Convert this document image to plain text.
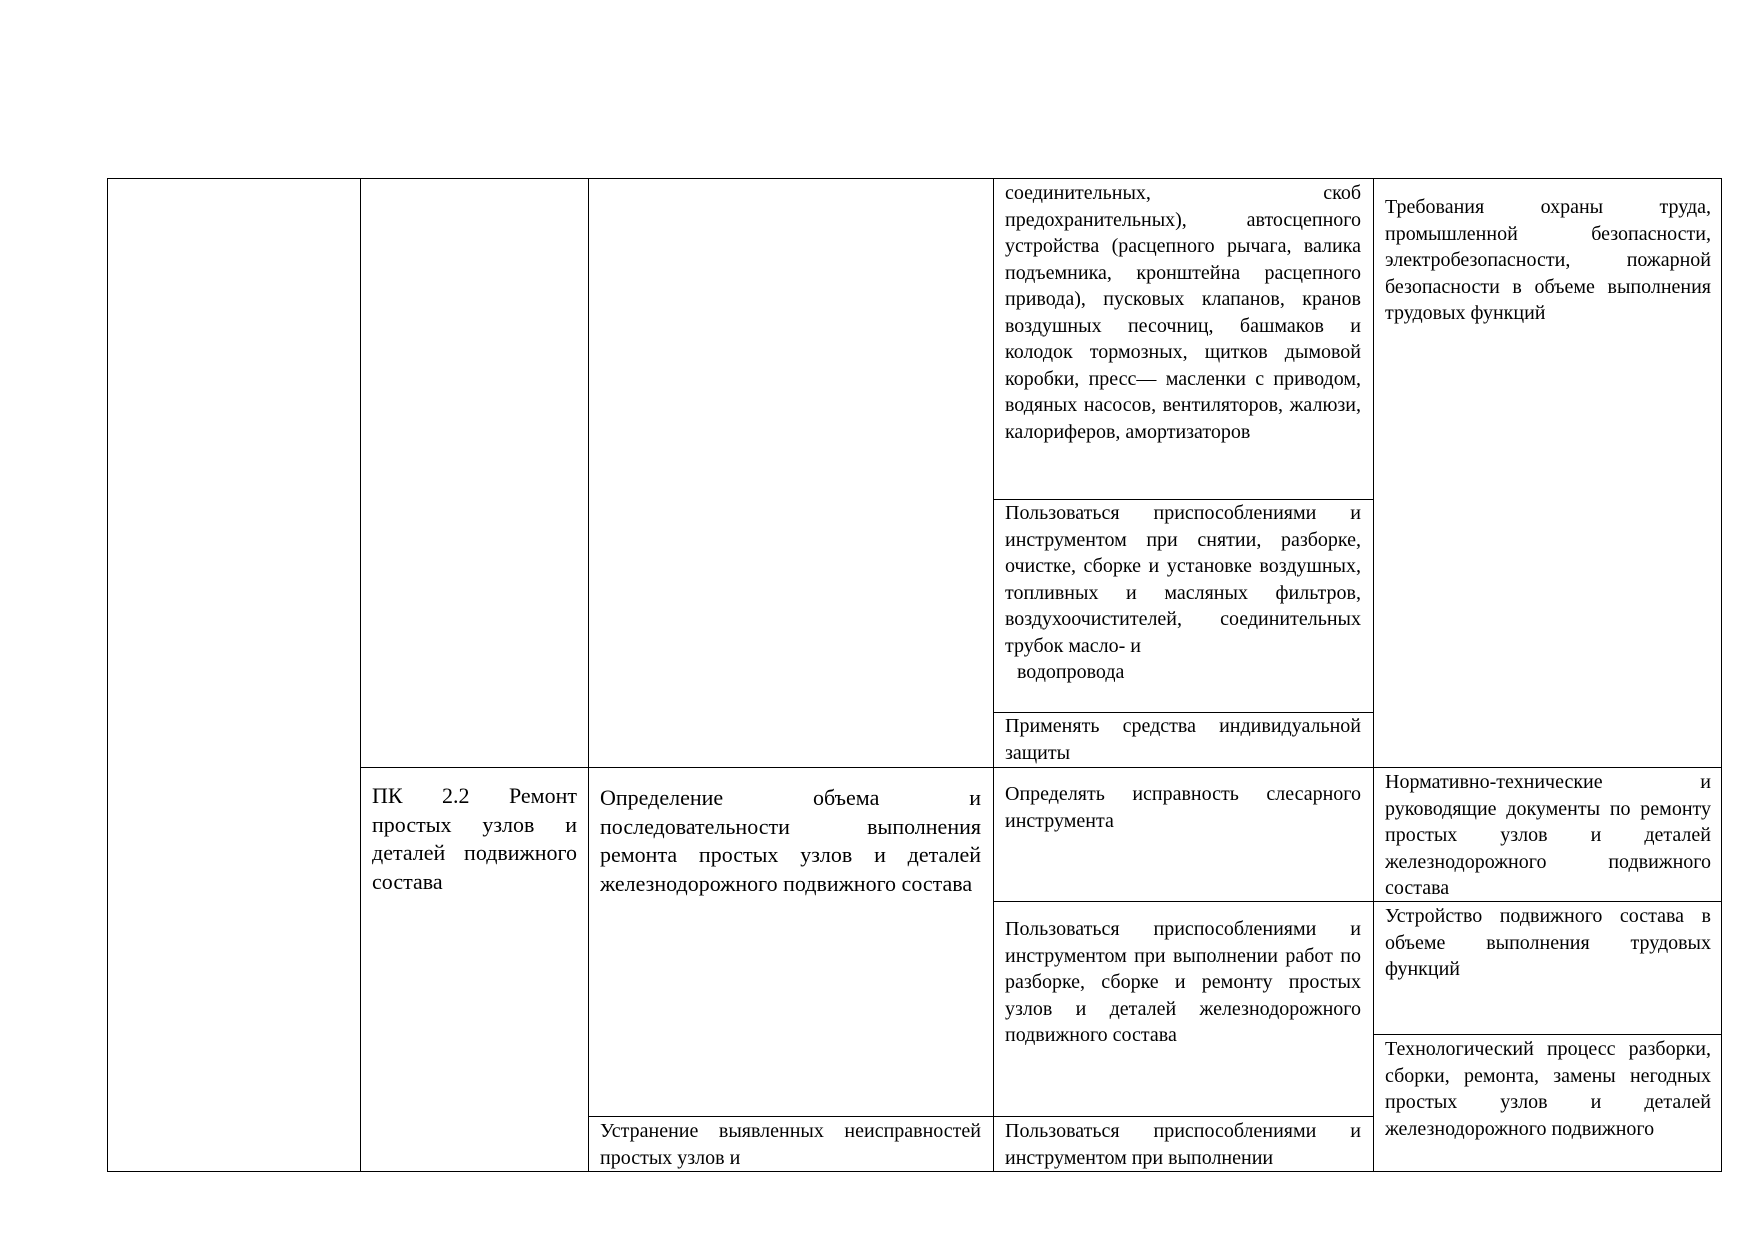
соединительных, скоб предохранительных), автосцепного устройства (расцепного рычага, валика подъемника, кронштейна расцепного привода), пусковых клапанов, кранов воздушных песочниц, башмаков и колодок тормозных, щитков дымовой коробки, пресс— масленки с приводом, водяных насосов, вентиляторов, жалюзи, калориферов, амортизаторов

Пользоваться приспособлениями и инструментом при снятии, разборке, очистке, сборке и установке воздушных, топливных и масляных фильтров, воздухоочистителей, соединительных трубок масло- и

водопровода

Применять средства индивидуальной защиты

Требования охраны труда, промышленной безопасности, электробезопасности, пожарной безопасности в объеме выполнения трудовых функций

ПК 2.2 Ремонт простых узлов и деталей подвижного состава

Определение объема и последовательности выполнения ремонта простых узлов и деталей железнодорожного подвижного состава

Устранение выявленных неисправностей простых узлов и

Определять исправность слесарного инструмента

Пользоваться приспособлениями и инструментом при выполнении работ по разборке, сборке и ремонту простых узлов и деталей железнодорожного подвижного состава

Пользоваться приспособлениями и инструментом при выполнении

Нормативно-технические и руководящие документы по ремонту простых узлов и деталей железнодорожного подвижного состава

Устройство подвижного состава в объеме выполнения трудовых функций

Технологический процесс разборки, сборки, ремонта, замены негодных простых узлов и деталей железнодорожного подвижного
